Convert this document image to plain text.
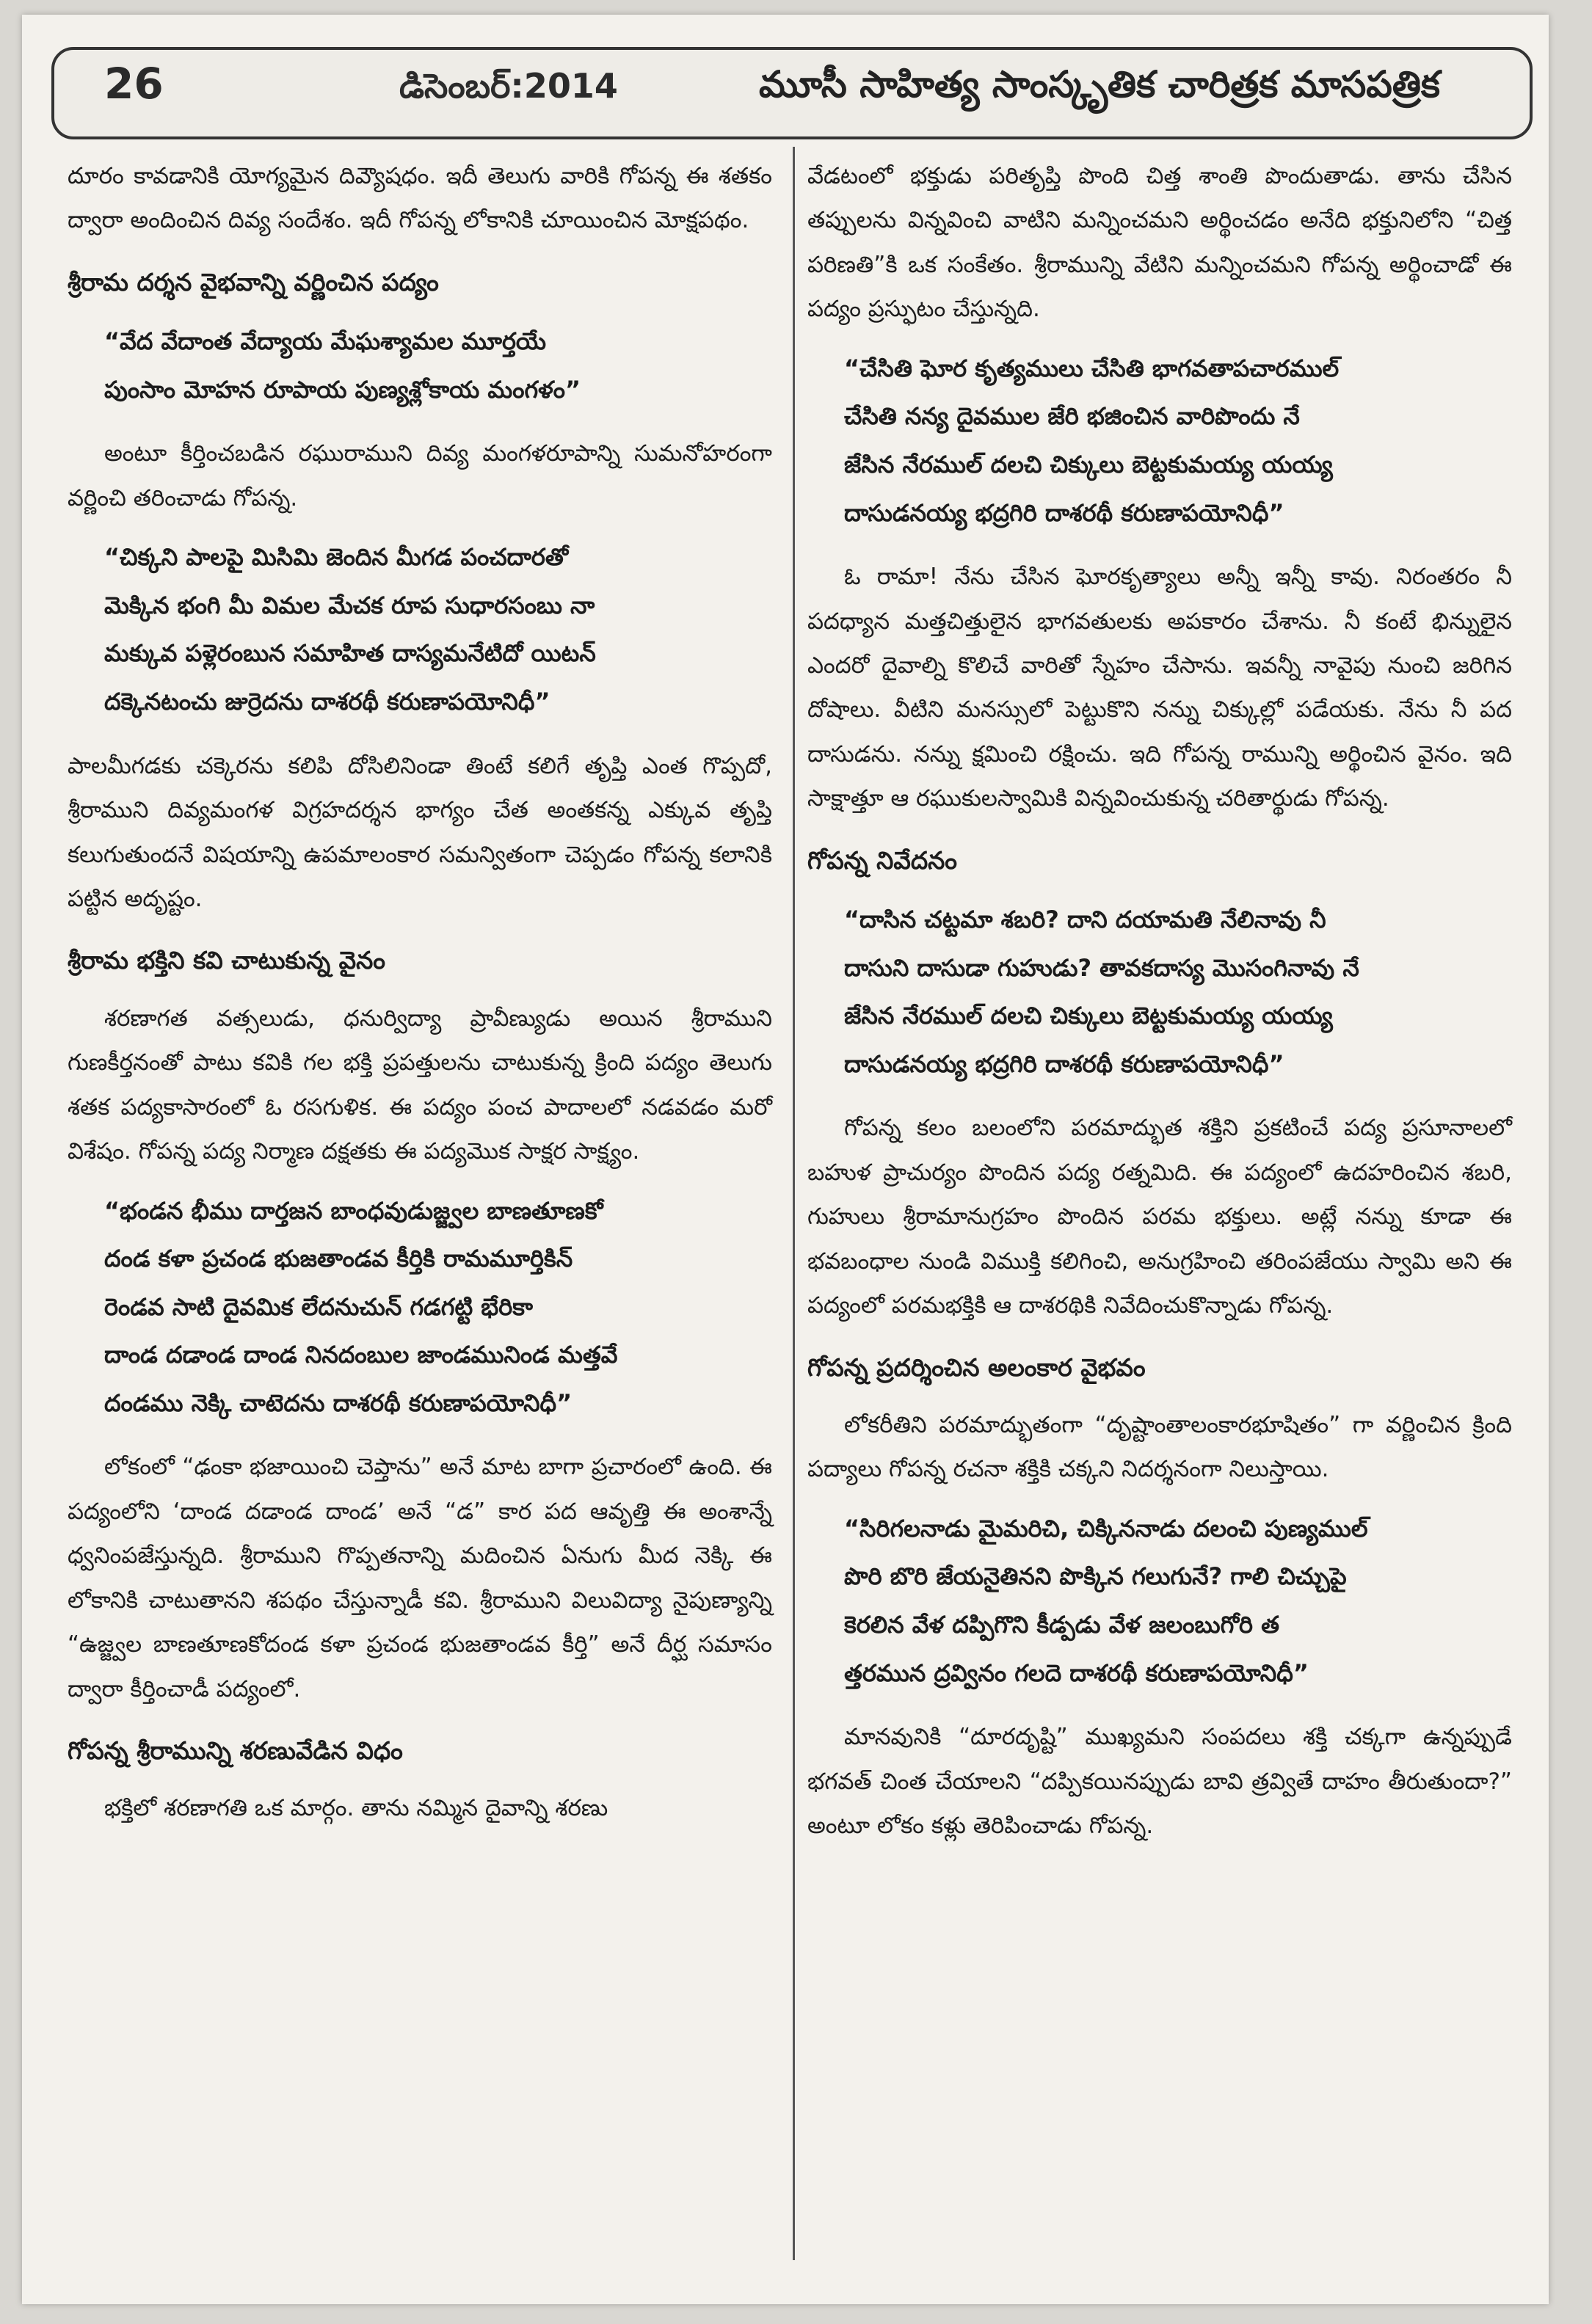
26	డిసెంబర్:2014	మూసీ సాహిత్య సాంస్కృతిక చారిత్రక మాసపత్రిక

దూరం కావడానికి యోగ్యమైన దివ్యౌషధం. ఇదీ తెలుగు వారికి గోపన్న ఈ శతకం ద్వారా అందించిన దివ్య సందేశం. ఇదీ గోపన్న లోకానికి చూయించిన మోక్షపథం.

శ్రీరామ దర్శన వైభవాన్ని వర్ణించిన పద్యం
“వేద వేదాంత వేద్యాయ మేఘశ్యామల మూర్తయే
పుంసాం మోహన రూపాయ పుణ్యశ్లోకాయ మంగళం”

అంటూ కీర్తించబడిన రఘురాముని దివ్య మంగళరూపాన్ని సుమనోహరంగా వర్ణించి తరించాడు గోపన్న.

“చిక్కని పాలపై మిసిమి జెందిన మీగడ పంచదారతో
మెక్కిన భంగి మీ విమల మేచక రూప సుధారసంబు నా
మక్కువ పళ్లెరంబున సమాహిత దాస్యమనేటిదో యిటన్
దక్కెనటంచు జుర్రెదను దాశరథీ కరుణాపయోనిధీ”

పాలమీగడకు చక్కెరను కలిపి దోసిలినిండా తింటే కలిగే తృప్తి ఎంత గొప్పదో, శ్రీరాముని దివ్యమంగళ విగ్రహదర్శన భాగ్యం చేత అంతకన్న ఎక్కువ తృప్తి కలుగుతుందనే విషయాన్ని ఉపమాలంకార సమన్వితంగా చెప్పడం గోపన్న కలానికి పట్టిన అదృష్టం.

శ్రీరామ భక్తిని కవి చాటుకున్న వైనం

శరణాగత వత్సలుడు, ధనుర్విద్యా ప్రావీణ్యుడు అయిన శ్రీరాముని గుణకీర్తనంతో పాటు కవికి గల భక్తి ప్రపత్తులను చాటుకున్న క్రింది పద్యం తెలుగు శతక పద్యకాసారంలో ఓ రసగుళిక. ఈ పద్యం పంచ పాదాలలో నడవడం మరో విశేషం. గోపన్న పద్య నిర్మాణ దక్షతకు ఈ పద్యమొక సాక్షర సాక్ష్యం.

“భండన భీము దార్తజన బాంధవుడుజ్జ్వల బాణతూణకో
దండ కళా ప్రచండ భుజతాండవ కీర్తికి రామమూర్తికిన్
రెండవ సాటి దైవమిక లేదనుచున్ గడగట్టి భేరికా
దాండ దడాండ దాండ నినదంబుల జాండమునిండ మత్తవే
దండము నెక్కి చాటెదను దాశరథీ కరుణాపయోనిధీ”

లోకంలో “ఢంకా భజాయించి చెప్తాను” అనే మాట బాగా ప్రచారంలో ఉంది. ఈ పద్యంలోని ‘దాండ దడాండ దాండ’ అనే “డ” కార పద ఆవృత్తి ఈ అంశాన్నే ధ్వనింపజేస్తున్నది. శ్రీరాముని గొప్పతనాన్ని మదించిన ఏనుగు మీద నెక్కి ఈ లోకానికి చాటుతానని శపథం చేస్తున్నాడీ కవి. శ్రీరాముని విలువిద్యా నైపుణ్యాన్ని “ఉజ్జ్వల బాణతూణకోదండ కళా ప్రచండ భుజతాండవ కీర్తి” అనే దీర్ఘ సమాసం ద్వారా కీర్తించాడీ పద్యంలో.

గోపన్న శ్రీరామున్ని శరణువేడిన విధం

భక్తిలో శరణాగతి ఒక మార్గం. తాను నమ్మిన దైవాన్ని శరణు

వేడటంలో భక్తుడు పరితృప్తి పొంది చిత్త శాంతి పొందుతాడు. తాను చేసిన తప్పులను విన్నవించి వాటిని మన్నించమని అర్థించడం అనేది భక్తునిలోని “చిత్త పరిణతి”కి ఒక సంకేతం. శ్రీరామున్ని వేటిని మన్నించమని గోపన్న అర్థించాడో ఈ పద్యం ప్రస్ఫుటం చేస్తున్నది.

“చేసితి ఘోర కృత్యములు చేసితి భాగవతాపచారముల్
చేసితి నన్య దైవముల జేరి భజించిన వారిపొందు నే
జేసిన నేరముల్ దలచి చిక్కులు బెట్టకుమయ్య యయ్య
దాసుడనయ్య భద్రగిరి దాశరథీ కరుణాపయోనిధీ”

ఓ రామా! నేను చేసిన ఘోరకృత్యాలు అన్నీ ఇన్నీ కావు. నిరంతరం నీ పదధ్యాన మత్తచిత్తులైన భాగవతులకు అపకారం చేశాను. నీ కంటే భిన్నులైన ఎందరో దైవాల్ని కొలిచే వారితో స్నేహం చేసాను. ఇవన్నీ నావైపు నుంచి జరిగిన దోషాలు. వీటిని మనస్సులో పెట్టుకొని నన్ను చిక్కుల్లో పడేయకు. నేను నీ పద దాసుడను. నన్ను క్షమించి రక్షించు. ఇది గోపన్న రామున్ని అర్థించిన వైనం. ఇది సాక్షాత్తూ ఆ రఘుకులస్వామికి విన్నవించుకున్న చరితార్థుడు గోపన్న.

గోపన్న నివేదనం
“దాసిన చట్టమా శబరి? దాని దయామతి నేలినావు నీ
దాసుని దాసుడా గుహుడు? తావకదాస్య మొసంగినావు నే
జేసిన నేరముల్ దలచి చిక్కులు బెట్టకుమయ్య యయ్య
దాసుడనయ్య భద్రగిరి దాశరథీ కరుణాపయోనిధీ”

గోపన్న కలం బలంలోని పరమాద్భుత శక్తిని ప్రకటించే పద్య ప్రసూనాలలో బహుళ ప్రాచుర్యం పొందిన పద్య రత్నమిది. ఈ పద్యంలో ఉదహరించిన శబరి, గుహులు శ్రీరామానుగ్రహం పొందిన పరమ భక్తులు. అట్లే నన్ను కూడా ఈ భవబంధాల నుండి విముక్తి కలిగించి, అనుగ్రహించి తరింపజేయు స్వామి అని ఈ పద్యంలో పరమభక్తికి ఆ దాశరథికి నివేదించుకొన్నాడు గోపన్న.

గోపన్న ప్రదర్శించిన అలంకార వైభవం

లోకరీతిని పరమాద్భుతంగా “దృష్టాంతాలంకారభూషితం” గా వర్ణించిన క్రింది పద్యాలు గోపన్న రచనా శక్తికి చక్కని నిదర్శనంగా నిలుస్తాయి.

“సిరిగలనాడు మైమరిచి, చిక్కిననాడు దలంచి పుణ్యముల్
పొరి బొరి జేయనైతినని పొక్కిన గలుగునే? గాలి చిచ్చుపై
కెరలిన వేళ దప్పిగొని కీడ్పడు వేళ జలంబుగోరి త
త్తరమున ద్రవ్వినం గలదె దాశరథీ కరుణాపయోనిధీ”

మానవునికి “దూరదృష్టి” ముఖ్యమని సంపదలు శక్తి చక్కగా ఉన్నప్పుడే భగవత్ చింత చేయాలని “దప్పికయినప్పుడు బావి త్రవ్వితే దాహం తీరుతుందా?” అంటూ లోకం కళ్లు తెరిపించాడు గోపన్న.
